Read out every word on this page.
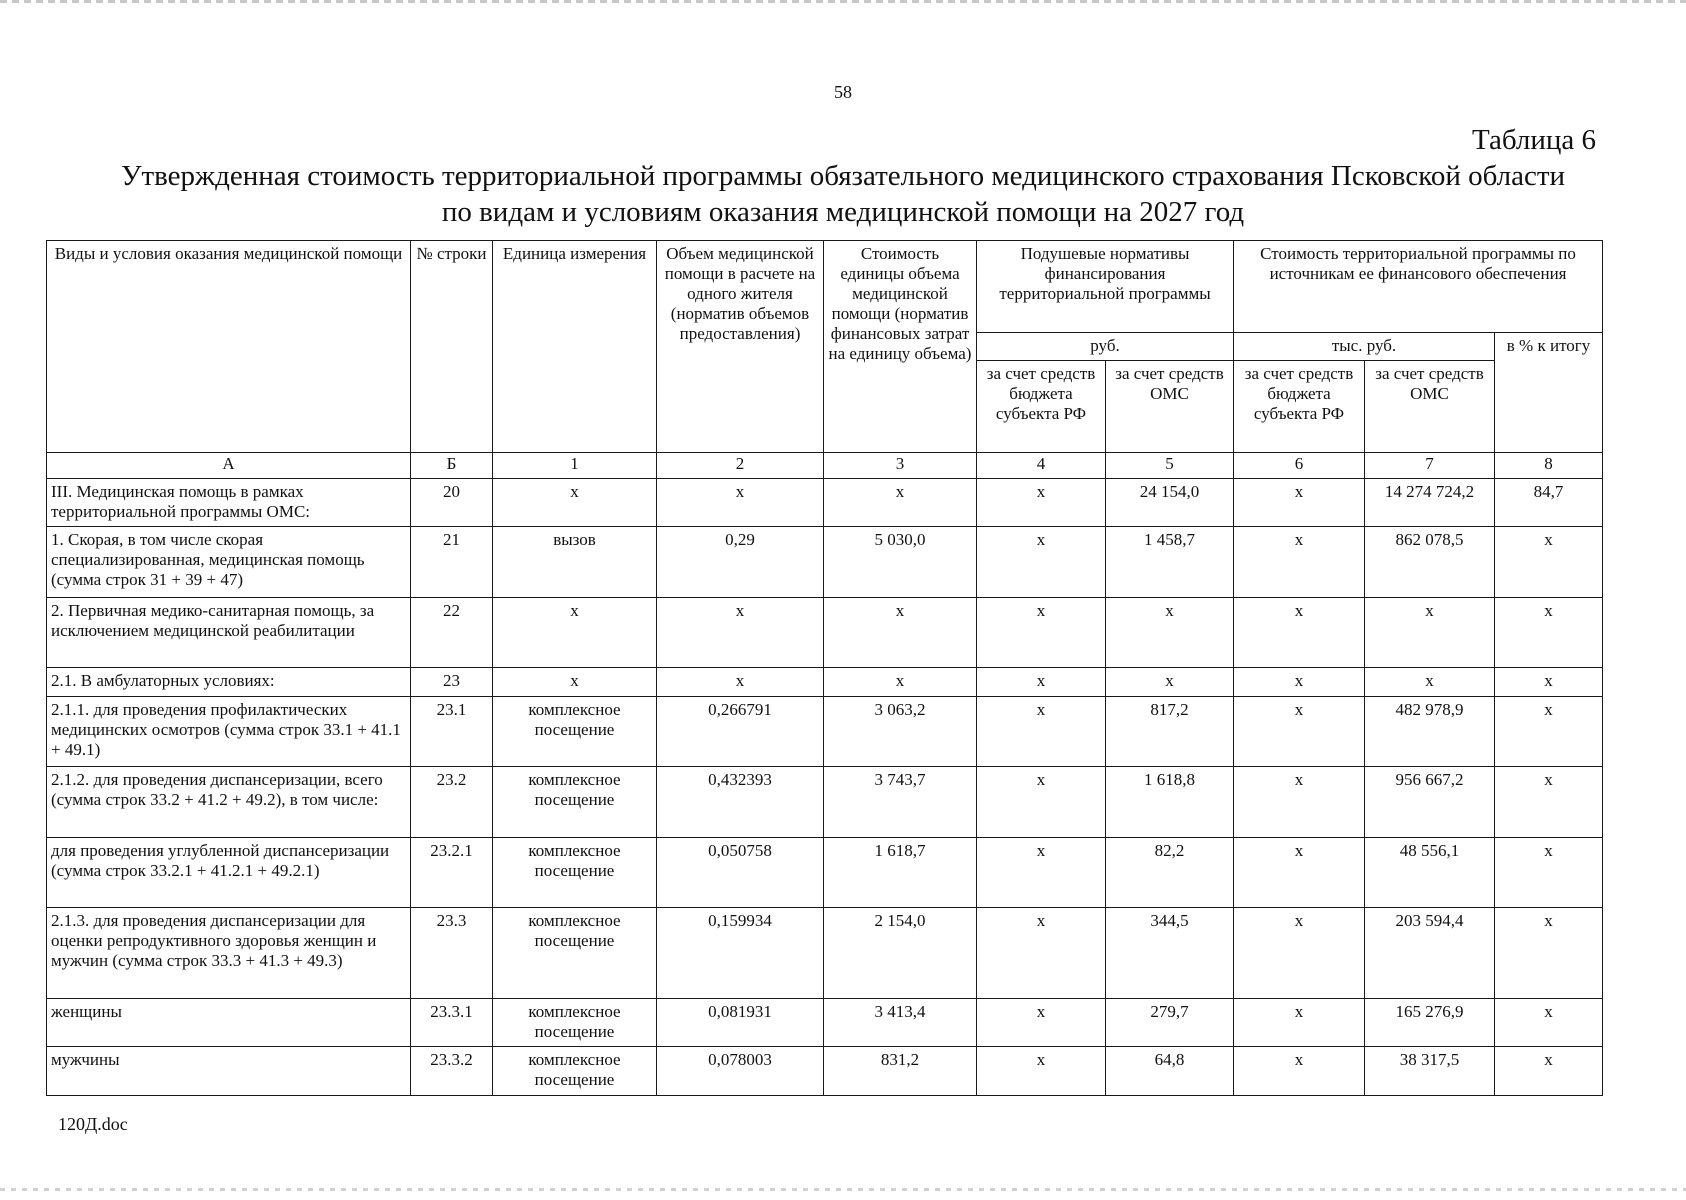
58
Таблица 6
Утвержденная стоимость территориальной программы обязательного медицинского страхования Псковской области
по видам и условиям оказания медицинской помощи на 2027 год
Виды и условия оказания медицинской помощи	№ строки	Единица измерения	Объем медицинской помощи в расчете на одного жителя (норматив объемов предоставления)	Стоимость единицы объема медицинской помощи (норматив финансовых затрат на единицу объема)	Подушевые нормативы финансирования территориальной программы		Стоимость территориальной программы по источникам ее финансового обеспечения		
					руб.		тыс. руб.		в % к итогу
					за счет средств бюджета субъекта РФ	за счет средств ОМС	за счет средств бюджета субъекта РФ	за счет средств ОМС	
А	Б	1	2	3	4	5	6	7	8
III. Медицинская помощь в рамках территориальной программы ОМС:	20	х	х	х	х	24 154,0	х	14 274 724,2	84,7
1. Скорая, в том числе скорая специализированная, медицинская помощь (сумма строк 31 + 39 + 47)	21	вызов	0,29	5 030,0	х	1 458,7	х	862 078,5	х
2. Первичная медико-санитарная помощь, за исключением медицинской реабилитации	22	х	х	х	х	х	х	х	х
2.1. В амбулаторных условиях:	23	х	х	х	х	х	х	х	х
2.1.1. для проведения профилактических медицинских осмотров (сумма строк 33.1 + 41.1 + 49.1)	23.1	комплексное посещение	0,266791	3 063,2	х	817,2	х	482 978,9	х
2.1.2. для проведения диспансеризации, всего (сумма строк 33.2 + 41.2 + 49.2), в том числе:	23.2	комплексное посещение	0,432393	3 743,7	х	1 618,8	х	956 667,2	х
для проведения углубленной диспансеризации (сумма строк 33.2.1 + 41.2.1 + 49.2.1)	23.2.1	комплексное посещение	0,050758	1 618,7	х	82,2	х	48 556,1	х
2.1.3. для проведения диспансеризации для оценки репродуктивного здоровья женщин и мужчин (сумма строк 33.3 + 41.3 + 49.3)	23.3	комплексное посещение	0,159934	2 154,0	х	344,5	х	203 594,4	х
женщины	23.3.1	комплексное посещение	0,081931	3 413,4	х	279,7	х	165 276,9	х
мужчины	23.3.2	комплексное посещение	0,078003	831,2	х	64,8	х	38 317,5	х
120Д.doc
